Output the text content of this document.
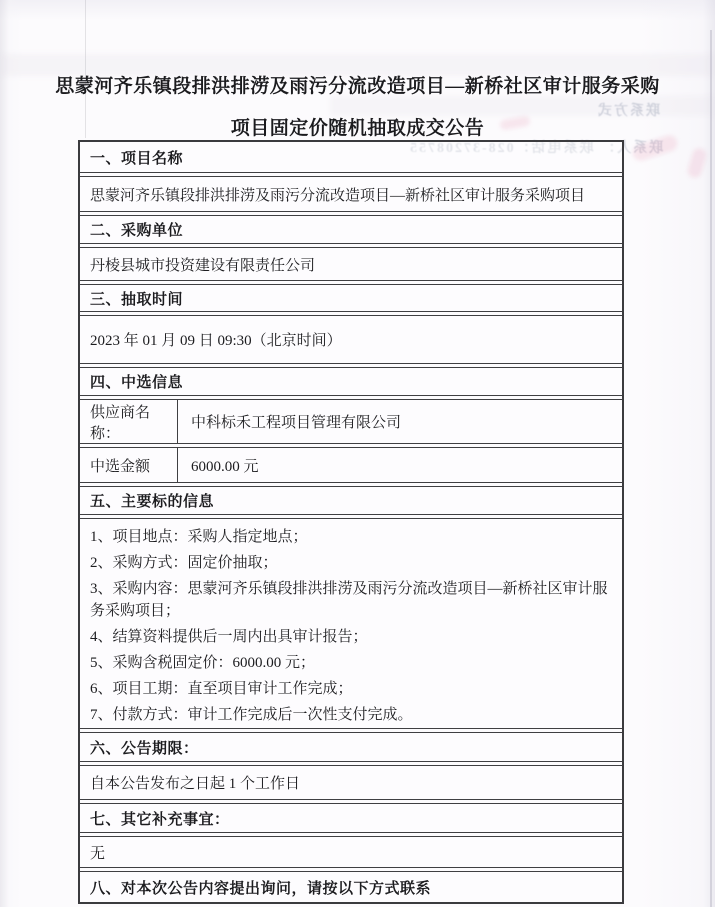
联系方式
联系人： 联系电话：028-37208755
思蒙河齐乐镇段排洪排涝及雨污分流改造项目—新桥社区审计服务采购
项目固定价随机抽取成交公告
一、项目名称
思蒙河齐乐镇段排洪排涝及雨污分流改造项目—新桥社区审计服务采购项目
二、采购单位
丹棱县城市投资建设有限责任公司
三、抽取时间
2023 年 01 月 09 日 09:30（北京时间）
四、中选信息
供应商名称：
中科标禾工程项目管理有限公司
中选金额	6000.00 元
五、主要标的信息

1、项目地点：采购人指定地点；

2、采购方式：固定价抽取；

3、采购内容：思蒙河齐乐镇段排洪排涝及雨污分流改造项目—新桥社区审计服务采购项目；

4、结算资料提供后一周内出具审计报告；

5、采购含税固定价：6000.00 元；

6、项目工期：直至项目审计工作完成；

7、付款方式：审计工作完成后一次性支付完成。

六、公告期限：
自本公告发布之日起 1 个工作日
七、其它补充事宜：
无
八、对本次公告内容提出询问，请按以下方式联系
